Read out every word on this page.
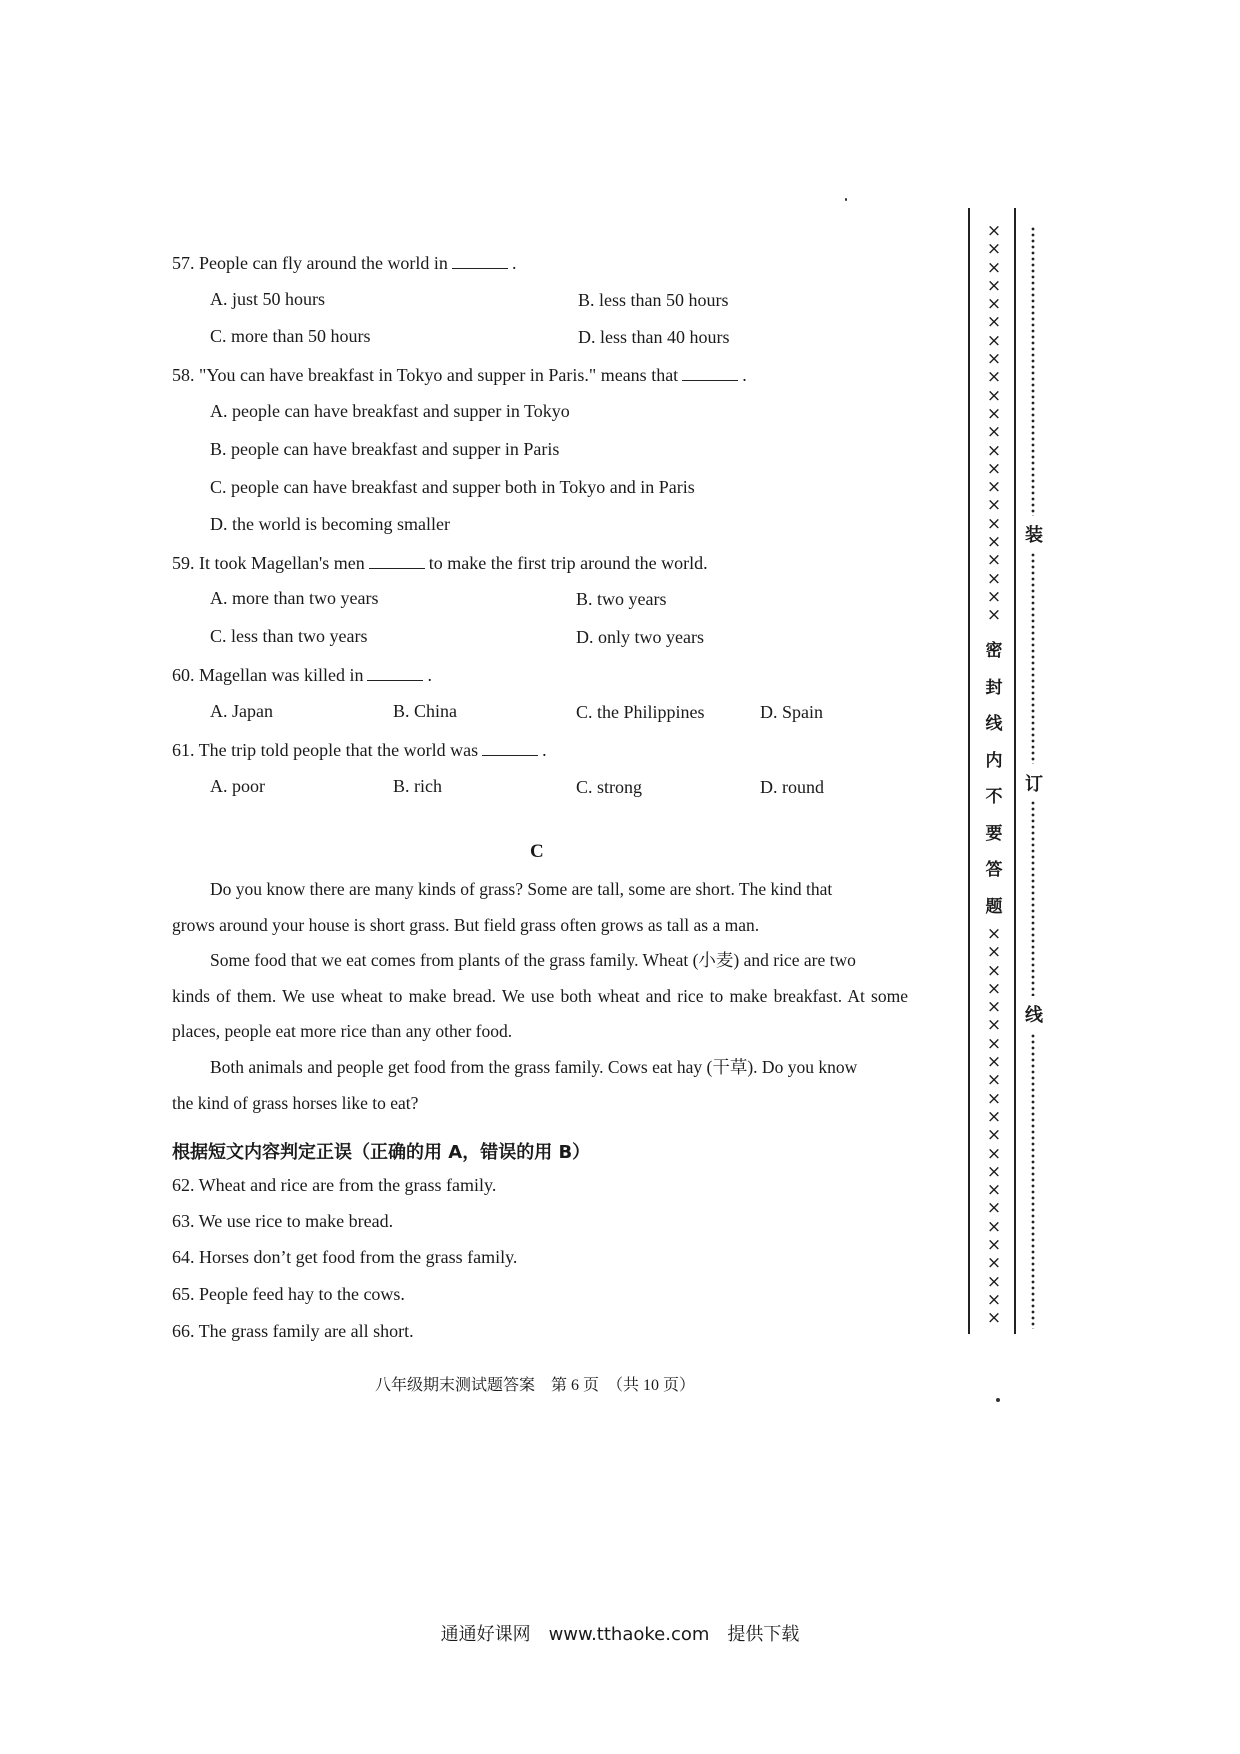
57. People can fly around the world in	.
A. just 50 hours	B. less than 50 hours
C. more than 50 hours	D. less than 40 hours
58. "You can have breakfast in Tokyo and supper in Paris." means that	.
A. people can have breakfast and supper in Tokyo
B. people can have breakfast and supper in Paris
C. people can have breakfast and supper both in Tokyo and in Paris
D. the world is becoming smaller
59. It took Magellan's men	to make the first trip around the world.
A. more than two years	B. two years
C. less than two years	D. only two years
60. Magellan was killed in	.
A. Japan	B. China	C. the Philippines	D. Spain
61. The trip told people that the world was	.
A. poor	B. rich	C. strong	D. round
C
Do you know there are many kinds of grass? Some are tall, some are short. The kind that
grows around your house is short grass. But field grass often grows as tall as a man.
Some food that we eat comes from plants of the grass family. Wheat (小麦) and rice are two
kinds of them. We use wheat to make bread. We use both wheat and rice to make breakfast. At some places, people eat more rice than any other food.
Both animals and people get food from the grass family. Cows eat hay (干草). Do you know
the kind of grass horses like to eat?
根据短文内容判定正误（正确的用 A，错误的用 B）
62. Wheat and rice are from the grass family.
63. We use rice to make bread.
64. Horses don’t get food from the grass family.
65. People feed hay to the cows.
66. The grass family are all short.
八年级期末测试题答案　第 6 页　（共 10 页）
通通好课网　www.tthaoke.com　提供下载
×
×
×
×
×
×
×
×
×
×
×
×
×
×
×
×
×
×
×
×
×
×
密
封
线
内
不
要
答
题
×
×
×
×
×
×
×
×
×
×
×
×
×
×
×
×
×
×
×
×
×
×
装
订
线
